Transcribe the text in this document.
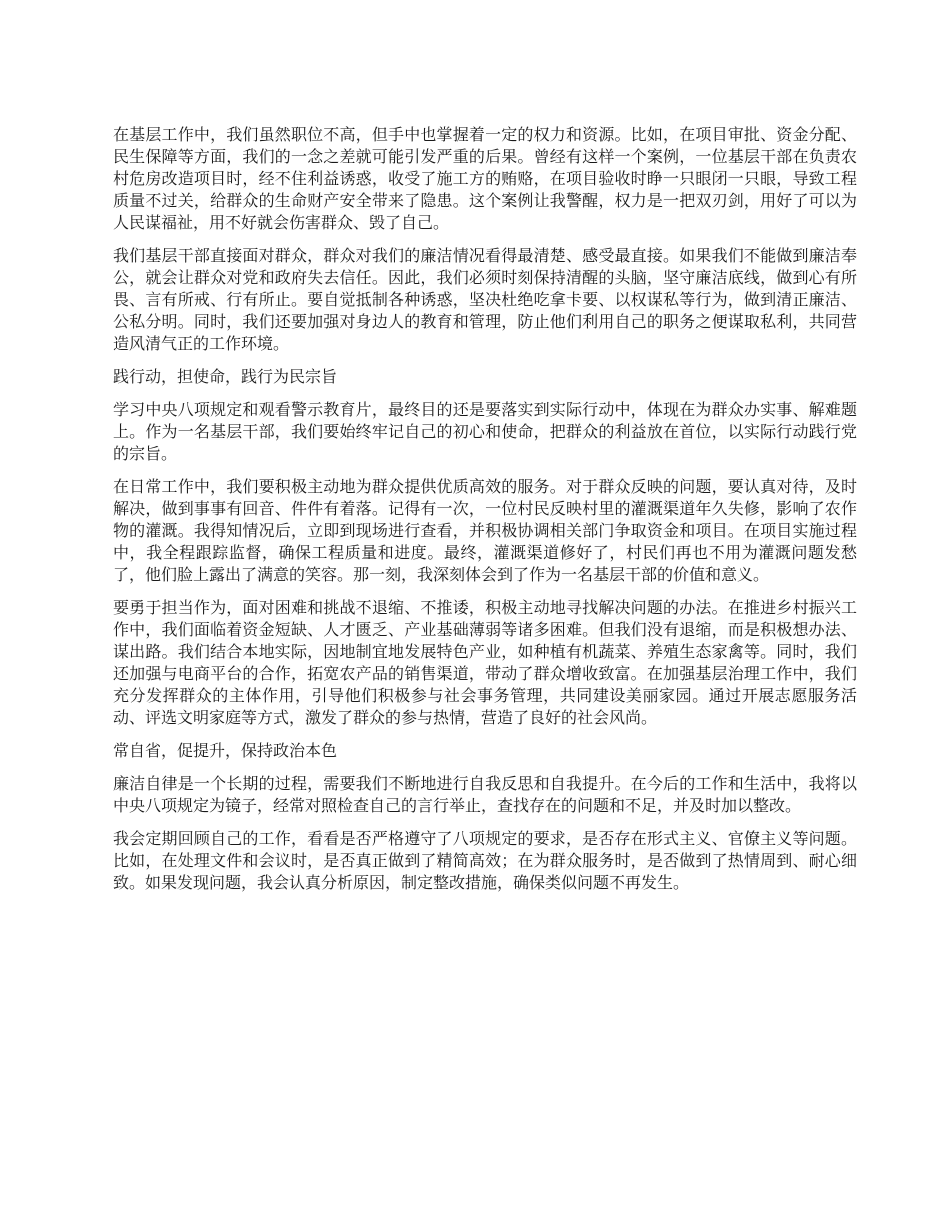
在基层工作中，我们虽然职位不高，但手中也掌握着一定的权力和资源。比如，在项目审批、资金分配、民生保障等方面，我们的一念之差就可能引发严重的后果。曾经有这样一个案例，一位基层干部在负责农村危房改造项目时，经不住利益诱惑，收受了施工方的贿赂，在项目验收时睁一只眼闭一只眼，导致工程质量不过关，给群众的生命财产安全带来了隐患。这个案例让我警醒，权力是一把双刃剑，用好了可以为人民谋福祉，用不好就会伤害群众、毁了自己。

我们基层干部直接面对群众，群众对我们的廉洁情况看得最清楚、感受最直接。如果我们不能做到廉洁奉公，就会让群众对党和政府失去信任。因此，我们必须时刻保持清醒的头脑，坚守廉洁底线，做到心有所畏、言有所戒、行有所止。要自觉抵制各种诱惑，坚决杜绝吃拿卡要、以权谋私等行为，做到清正廉洁、公私分明。同时，我们还要加强对身边人的教育和管理，防止他们利用自己的职务之便谋取私利，共同营造风清气正的工作环境。

践行动，担使命，践行为民宗旨

学习中央八项规定和观看警示教育片，最终目的还是要落实到实际行动中，体现在为群众办实事、解难题上。作为一名基层干部，我们要始终牢记自己的初心和使命，把群众的利益放在首位，以实际行动践行党的宗旨。

在日常工作中，我们要积极主动地为群众提供优质高效的服务。对于群众反映的问题，要认真对待，及时解决，做到事事有回音、件件有着落。记得有一次，一位村民反映村里的灌溉渠道年久失修，影响了农作物的灌溉。我得知情况后，立即到现场进行查看，并积极协调相关部门争取资金和项目。在项目实施过程中，我全程跟踪监督，确保工程质量和进度。最终，灌溉渠道修好了，村民们再也不用为灌溉问题发愁了，他们脸上露出了满意的笑容。那一刻，我深刻体会到了作为一名基层干部的价值和意义。

要勇于担当作为，面对困难和挑战不退缩、不推诿，积极主动地寻找解决问题的办法。在推进乡村振兴工作中，我们面临着资金短缺、人才匮乏、产业基础薄弱等诸多困难。但我们没有退缩，而是积极想办法、谋出路。我们结合本地实际，因地制宜地发展特色产业，如种植有机蔬菜、养殖生态家禽等。同时，我们还加强与电商平台的合作，拓宽农产品的销售渠道，带动了群众增收致富。在加强基层治理工作中，我们充分发挥群众的主体作用，引导他们积极参与社会事务管理，共同建设美丽家园。通过开展志愿服务活动、评选文明家庭等方式，激发了群众的参与热情，营造了良好的社会风尚。

常自省，促提升，保持政治本色

廉洁自律是一个长期的过程，需要我们不断地进行自我反思和自我提升。在今后的工作和生活中，我将以中央八项规定为镜子，经常对照检查自己的言行举止，查找存在的问题和不足，并及时加以整改。

我会定期回顾自己的工作，看看是否严格遵守了八项规定的要求，是否存在形式主义、官僚主义等问题。比如，在处理文件和会议时，是否真正做到了精简高效；在为群众服务时，是否做到了热情周到、耐心细致。如果发现问题，我会认真分析原因，制定整改措施，确保类似问题不再发生。
